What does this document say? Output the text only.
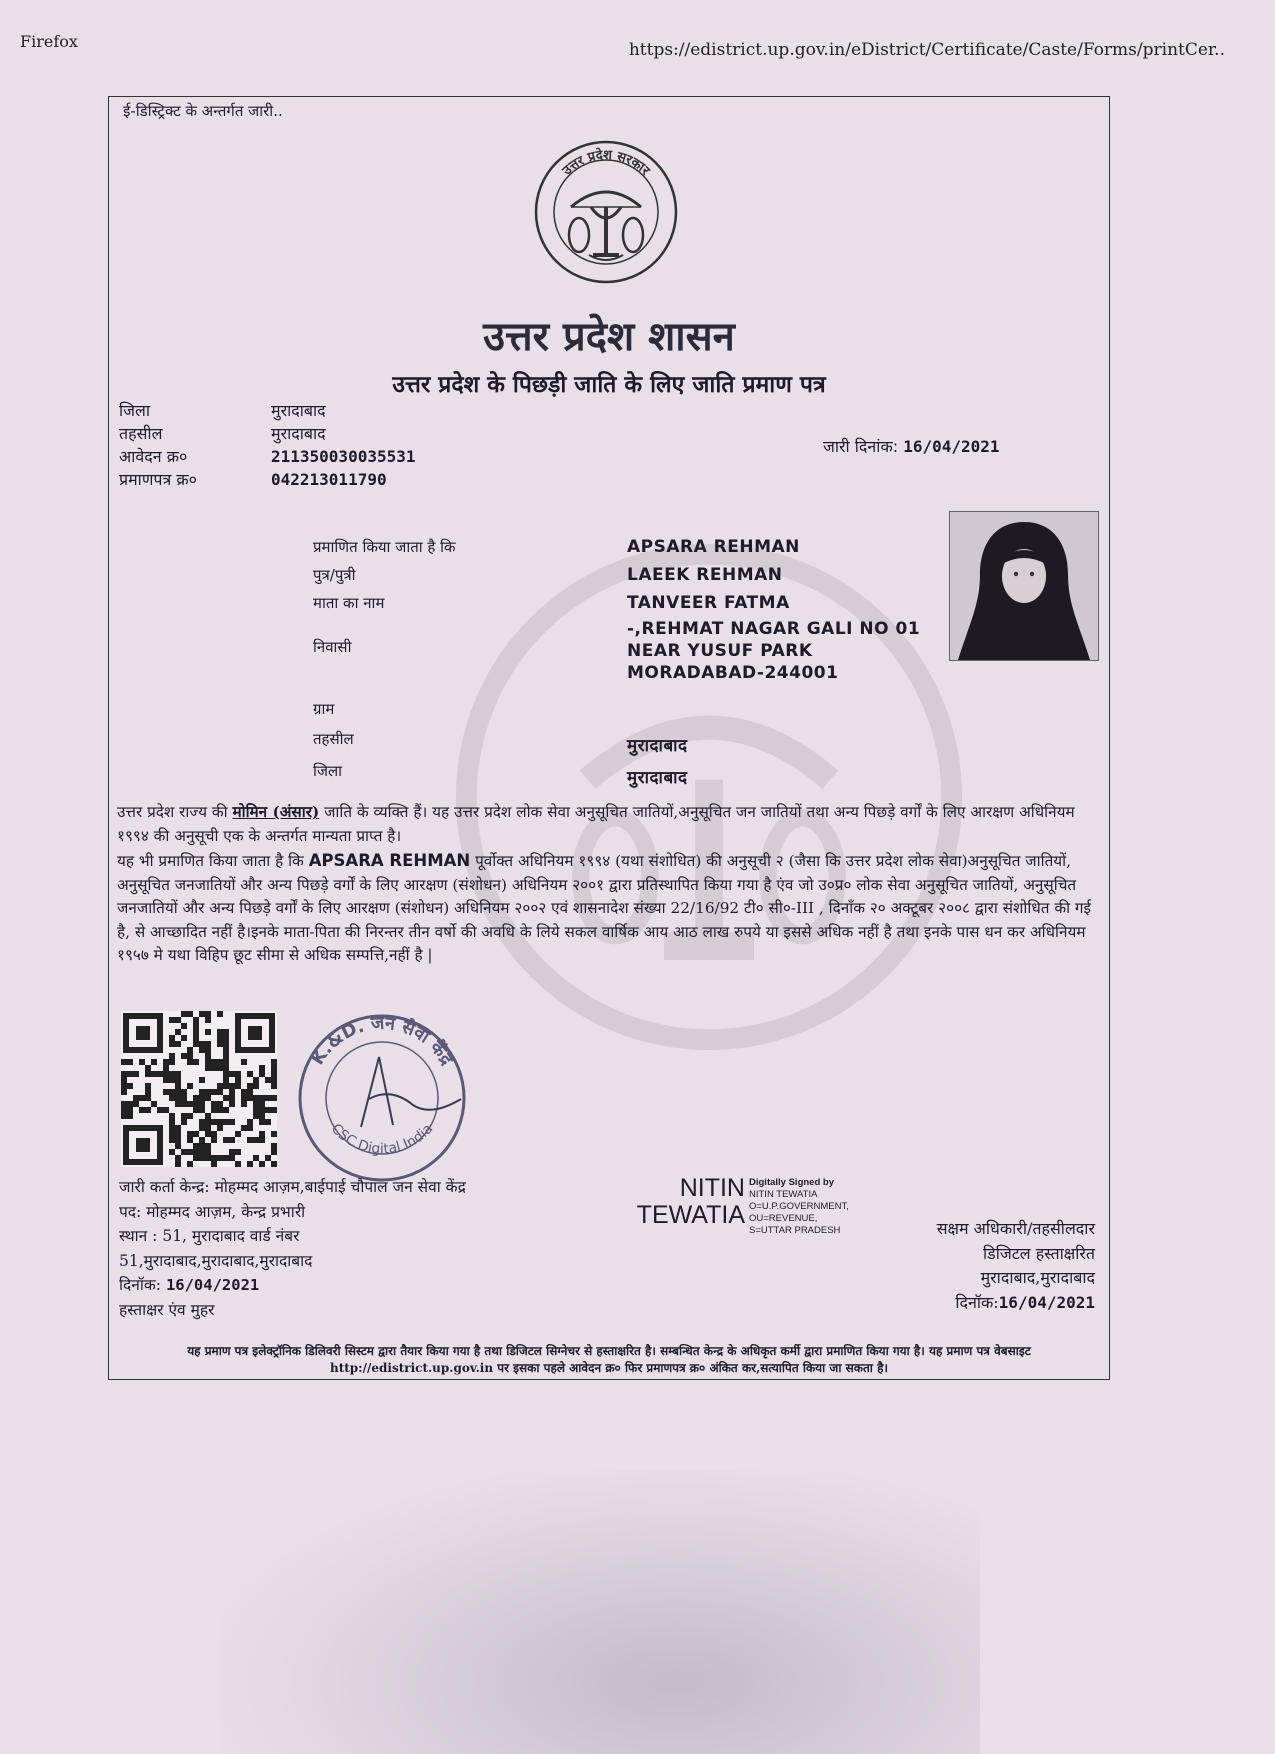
Firefox	https://edistrict.up.gov.in/eDistrict/Certificate/Caste/Forms/printCer..
ई-डिस्ट्रिक्ट के अन्तर्गत जारी..
उत्तर प्रदेश सरकार
उत्तर प्रदेश शासन
उत्तर प्रदेश के पिछड़ी जाति के लिए जाति प्रमाण पत्र
जिला	मुरादाबाद
तहसील	मुरादाबाद
आवेदन क्र०	211350030035531
प्रमाणपत्र क्र०	042213011790
जारी दिनांक: 16/04/2021
प्रमाणित किया जाता है कि	APSARA REHMAN
पुत्र/पुत्री	LAEEK REHMAN
माता का नाम	TANVEER FATMA
-,REHMAT NAGAR GALI NO 01
निवासी	NEAR YUSUF PARK
MORADABAD-244001
ग्राम
तहसील	मुरादाबाद
जिला	मुरादाबाद
उत्तर प्रदेश राज्य की मोमिन (अंसार) जाति के व्यक्ति हैं। यह उत्तर प्रदेश लोक सेवा अनुसूचित जातियों,अनुसूचित जन जातियों तथा अन्य पिछड़े वर्गों के लिए आरक्षण अधिनियम १९९४ की अनुसूची एक के अन्तर्गत मान्यता प्राप्त है।
यह भी प्रमाणित किया जाता है कि APSARA REHMAN पूर्वोक्त अधिनियम १९९४ (यथा संशोधित) की अनुसूची २ (जैसा कि उत्तर प्रदेश लोक सेवा)अनुसूचित जातियों, अनुसूचित जनजातियों और अन्य पिछड़े वर्गों के लिए आरक्षण (संशोधन) अधिनियम २००१ द्वारा प्रतिस्थापित किया गया है एंव जो उ०प्र० लोक सेवा अनुसूचित जातियों, अनुसूचित जनजातियों और अन्य पिछड़े वर्गों के लिए आरक्षण (संशोधन) अधिनियम २००२ एवं शासनादेश संख्या 22/16/92 टी० सी०-III , दिनाँक २० अक्टूबर २००८ द्वारा संशोधित की गई है, से आच्छादित नहीं है।इनके माता-पिता की निरन्तर तीन वर्षो की अवधि के लिये सकल वार्षिक आय आठ लाख रुपये या इससे अधिक नहीं है तथा इनके पास धन कर अधिनियम १९५७ मे यथा विहिप छूट सीमा से अधिक सम्पत्ति,नहीं है |
K.&D. जन सेवा केंद्र
CSC Digital India
जारी कर्ता केन्द्र: मोहम्मद आज़म,बाईपाई चौपाल जन सेवा केंद्र
पद: मोहम्मद आज़म, केन्द्र प्रभारी
स्थान : 51, मुरादाबाद वार्ड नंबर
51,मुरादाबाद,मुरादाबाद,मुरादाबाद
दिनॉक: 16/04/2021
हस्ताक्षर एंव मुहर
NITIN
TEWATIA
Digitally Signed by
NITIN TEWATIA
O=U.P.GOVERNMENT,
OU=REVENUE,
S=UTTAR PRADESH	सक्षम अधिकारी/तहसीलदार
डिजिटल हस्ताक्षरित
मुरादाबाद,मुरादाबाद
दिनॉक:16/04/2021
यह प्रमाण पत्र इलेक्ट्रॉनिक डिलिवरी सिस्टम द्वारा तैयार किया गया है तथा डिजिटल सिग्नेचर से हस्ताक्षरित है। सम्बन्धित केन्द्र के अधिकृत कर्मी द्वारा प्रमाणित किया गया है। यह प्रमाण पत्र वेबसाइट http://edistrict.up.gov.in पर इसका पहले आवेदन क्र० फिर प्रमाणपत्र क्र० अंकित कर,सत्यापित किया जा सकता है।
